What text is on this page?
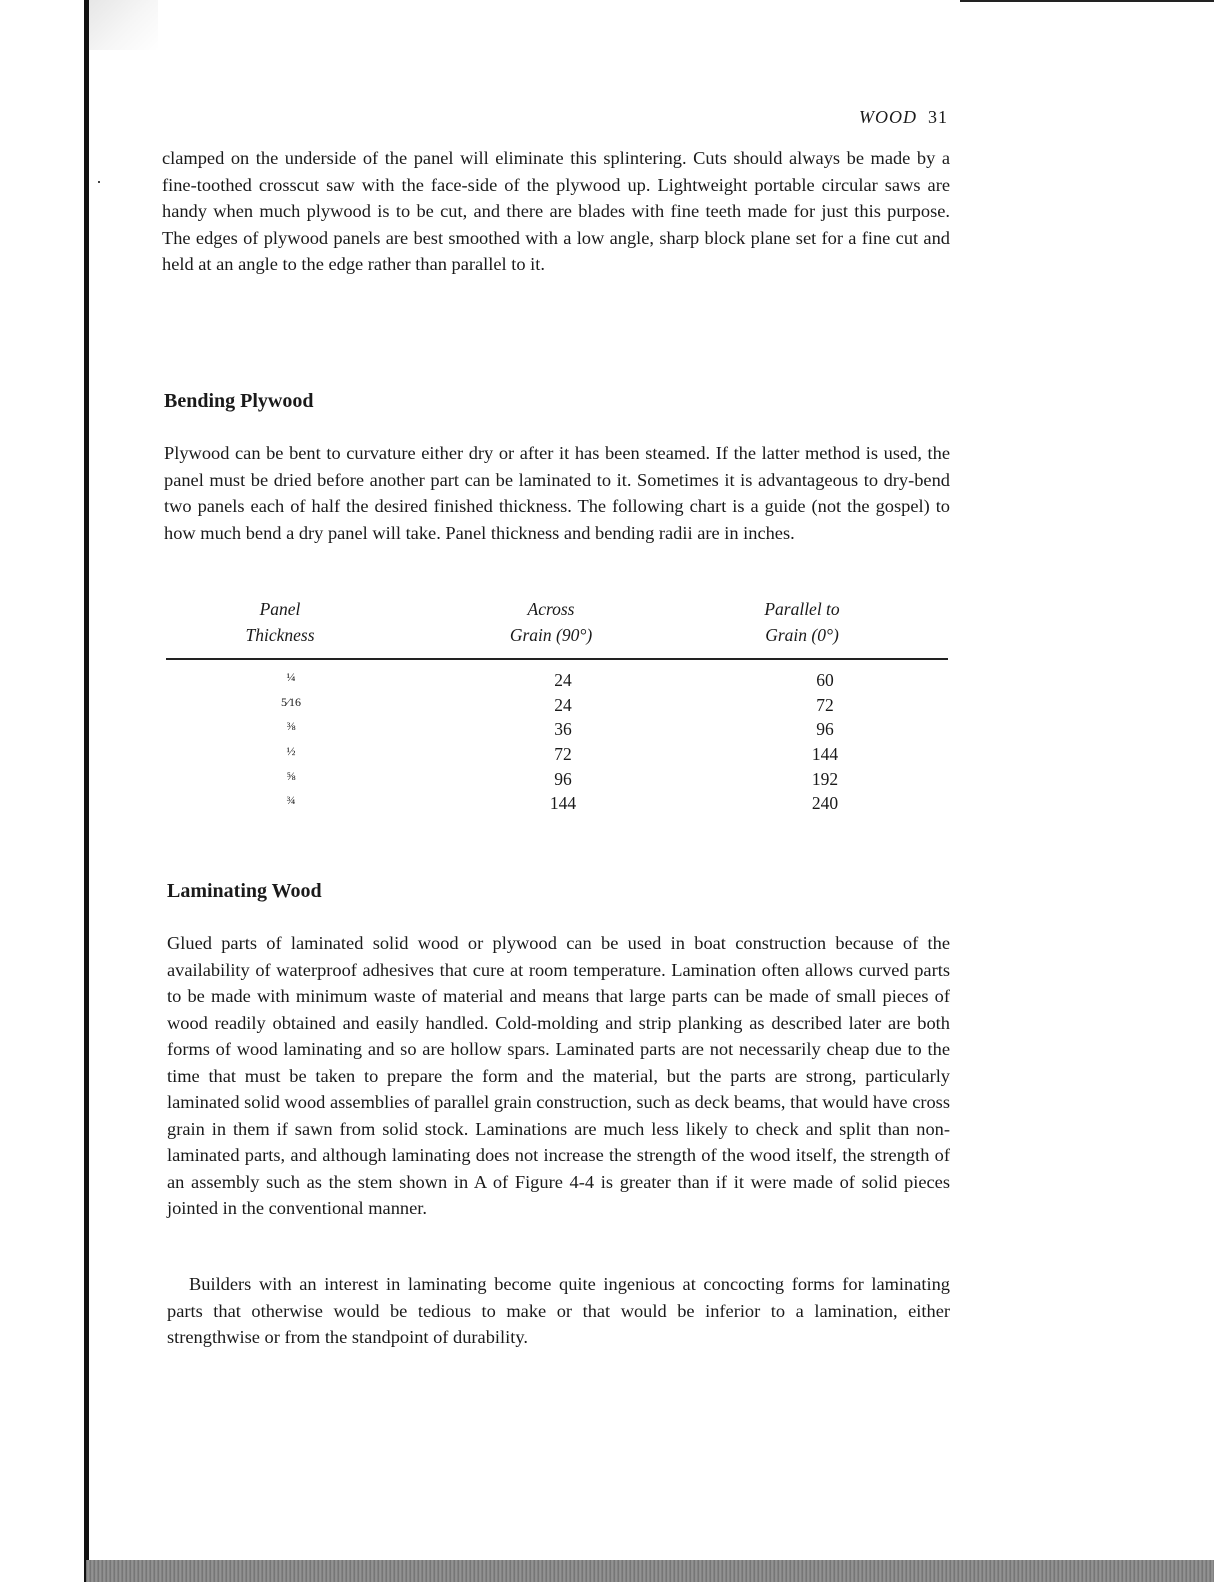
WOOD 31

clamped on the underside of the panel will eliminate this splintering. Cuts should always be made by a fine-toothed crosscut saw with the face-side of the plywood up. Lightweight portable circular saws are handy when much plywood is to be cut, and there are blades with fine teeth made for just this purpose. The edges of plywood panels are best smoothed with a low angle, sharp block plane set for a fine cut and held at an angle to the edge rather than parallel to it.

Bending Plywood

Plywood can be bent to curvature either dry or after it has been steamed. If the latter method is used, the panel must be dried before another part can be laminated to it. Sometimes it is advantageous to dry-bend two panels each of half the desired finished thickness. The following chart is a guide (not the gospel) to how much bend a dry panel will take. Panel thickness and bending radii are in inches.

Panel
Thickness
Across
Grain (90°)
Parallel to
Grain (0°)
¼	24	60
5⁄16	24	72
⅜	36	96
½	72	144
⅝	96	192
¾	144	240
Laminating Wood

Glued parts of laminated solid wood or plywood can be used in boat construction because of the availability of waterproof adhesives that cure at room temperature. Lamination often allows curved parts to be made with minimum waste of material and means that large parts can be made of small pieces of wood readily obtained and easily handled. Cold-molding and strip planking as described later are both forms of wood laminating and so are hollow spars. Laminated parts are not necessarily cheap due to the time that must be taken to prepare the form and the material, but the parts are strong, particularly laminated solid wood assemblies of parallel grain construction, such as deck beams, that would have cross grain in them if sawn from solid stock. Laminations are much less likely to check and split than non-laminated parts, and although laminating does not increase the strength of the wood itself, the strength of an assembly such as the stem shown in A of Figure 4-4 is greater than if it were made of solid pieces jointed in the conventional manner.

Builders with an interest in laminating become quite ingenious at concocting forms for laminating parts that otherwise would be tedious to make or that would be inferior to a lamination, either strengthwise or from the standpoint of durability.
